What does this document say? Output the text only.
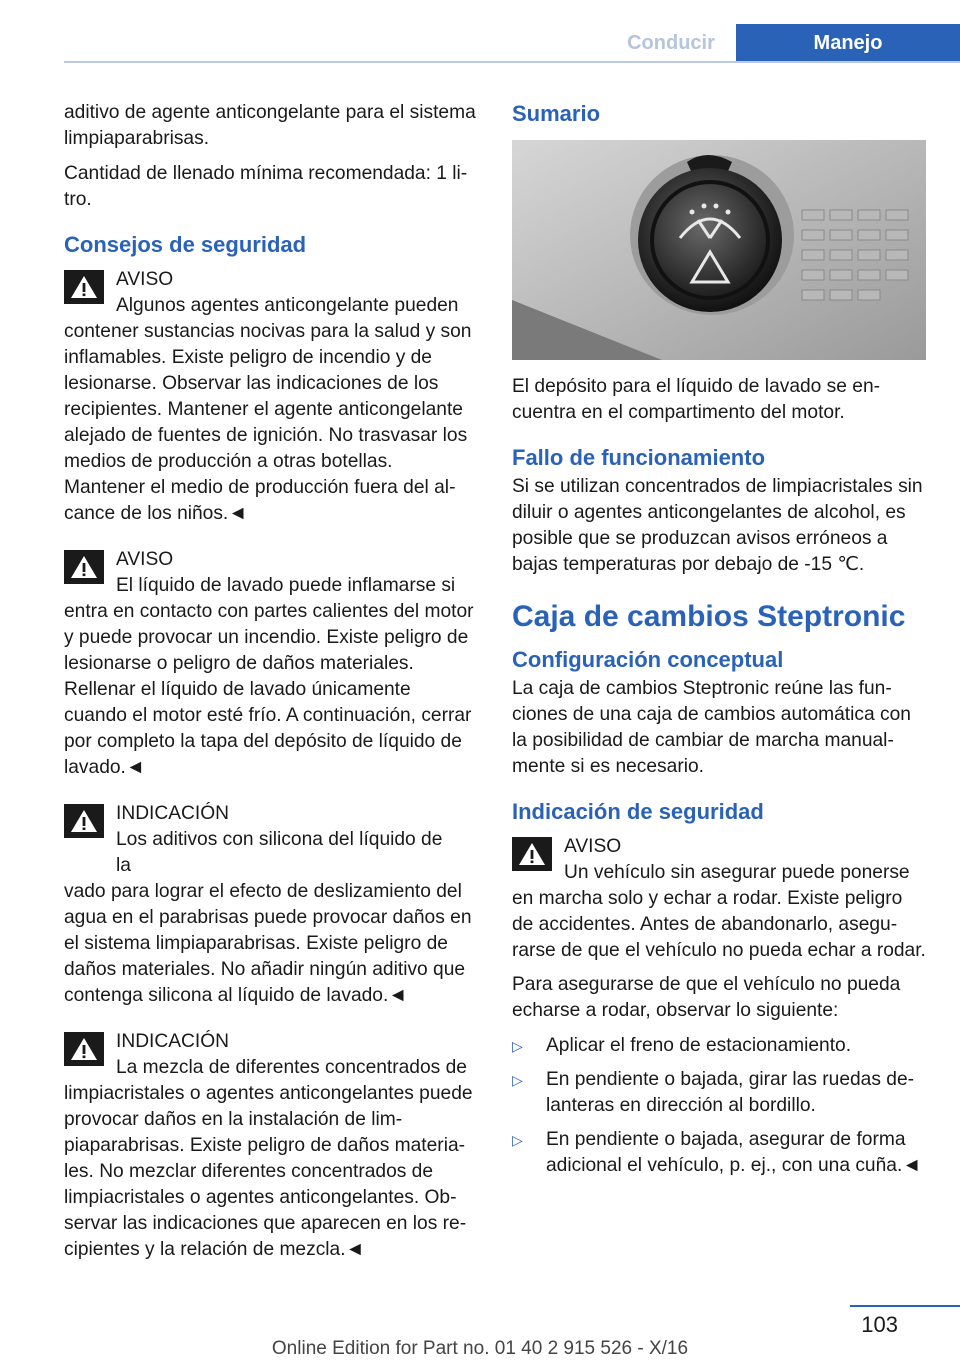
Conducir	Manejo

aditivo de agente anticongelante para el sistema limpiaparabrisas.

Cantidad de llenado mínima recomendada: 1 litro.

Consejos de seguridad
AVISO
Algunos agentes anticongelante pueden

contener sustancias nocivas para la salud y son inflamables. Existe peligro de incendio y de lesionarse. Observar las indicaciones de los recipientes. Mantener el agente anticongelante alejado de fuentes de ignición. No trasvasar los medios de producción a otras botellas. Mantener el medio de producción fuera del alcance de los niños.◄

AVISO
El líquido de lavado puede inflamarse si

entra en contacto con partes calientes del motor y puede provocar un incendio. Existe peligro de lesionarse o peligro de daños materiales. Rellenar el líquido de lavado únicamente cuando el motor esté frío. A continuación, cerrar por completo la tapa del depósito de líquido de lavado.◄

INDICACIÓN
Los aditivos con silicona del líquido de la

vado para lograr el efecto de deslizamiento del agua en el parabrisas puede provocar daños en el sistema limpiaparabrisas. Existe peligro de daños materiales. No añadir ningún aditivo que contenga silicona al líquido de lavado.◄

INDICACIÓN
La mezcla de diferentes concentrados de

limpiacristales o agentes anticongelantes puede provocar daños en la instalación de limpiaparabrisas. Existe peligro de daños materiales. No mezclar diferentes concentrados de limpiacristales o agentes anticongelantes. Observar las indicaciones que aparecen en los recipientes y la relación de mezcla.◄

Sumario

El depósito para el líquido de lavado se encuentra en el compartimento del motor.

Fallo de funcionamiento

Si se utilizan concentrados de limpiacristales sin diluir o agentes anticongelantes de alcohol, es posible que se produzcan avisos erróneos a bajas temperaturas por debajo de -15 ℃.

Caja de cambios Steptronic
Configuración conceptual

La caja de cambios Steptronic reúne las funciones de una caja de cambios automática con la posibilidad de cambiar de marcha manualmente si es necesario.

Indicación de seguridad
AVISO
Un vehículo sin asegurar puede ponerse

en marcha solo y echar a rodar. Existe peligro de accidentes. Antes de abandonarlo, asegurarse de que el vehículo no pueda echar a rodar.

Para asegurarse de que el vehículo no pueda echarse a rodar, observar lo siguiente:

▷	Aplicar el freno de estacionamiento.
▷	En pendiente o bajada, girar las ruedas delanteras en dirección al bordillo.
▷	En pendiente o bajada, asegurar de forma adicional el vehículo, p. ej., con una cuña.◄
103
Online Edition for Part no. 01 40 2 915 526 - X/16
